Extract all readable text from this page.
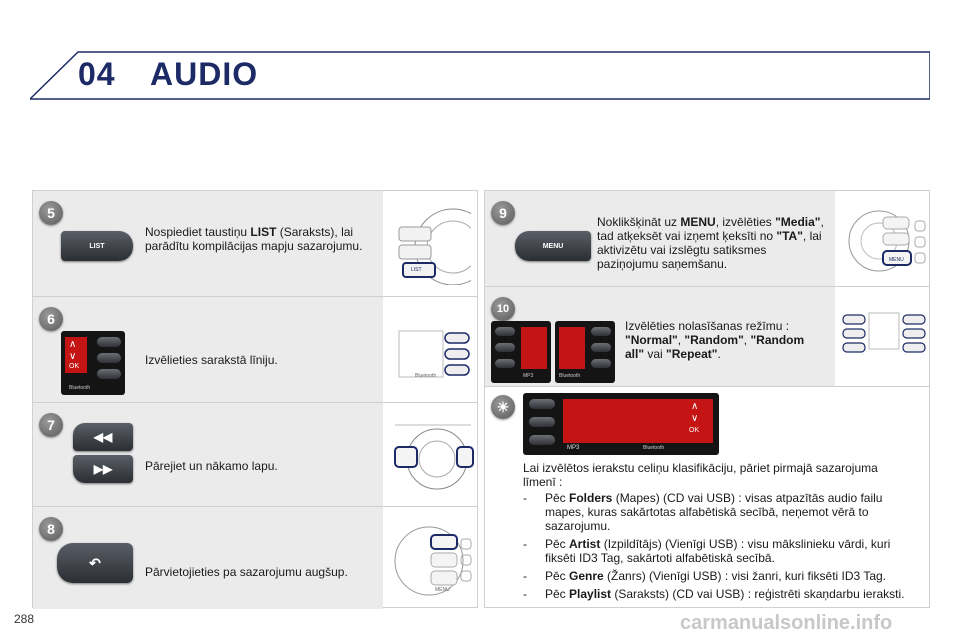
04 AUDIO
5
LIST
Nospiediet taustiņu LIST (Saraksts), lai parādītu kompilācijas mapju sazarojumu.
LIST
6
∧
∨
OK
Bluetooth
Izvēlieties sarakstā līniju.
Bluetooth
7
◀◀
▶▶	Pārejiet un nākamo lapu.
8
↶
Pārvietojieties pa sazarojumu augšup.
MENU
9
MENU
Noklikšķināt uz MENU, izvēlēties "Media", tad atķeksēt vai izņemt ķeksīti no "TA", lai aktivizētu vai izslēgtu satiksmes paziņojumu saņemšanu.	MENU
10
MP3	Bluetooth
Izvēlēties nolasīšanas režīmu : "Normal", "Random", "Random all" vai "Repeat".
☀	∧
∨
OK
MP3	Bluetooth
Lai izvēlētos ierakstu celiņu klasifikāciju, pāriet pirmajā sazarojuma līmenī :
- Pēc Folders (Mapes) (CD vai USB) : visas atpazītās audio failu mapes, kuras sakārtotas alfabētiskā secībā, neņemot vērā to sazarojumu.
- Pēc Artist (Izpildītājs) (Vienīgi USB) : visu mākslinieku vārdi, kuri fiksēti ID3 Tag, sakārtoti alfabētiskā secībā.
- Pēc Genre (Žanrs) (Vienīgi USB) : visi žanri, kuri fiksēti ID3 Tag.
- Pēc Playlist (Saraksts) (CD vai USB) : reģistrēti skaņdarbu ieraksti.
288	carmanualsonline.info
